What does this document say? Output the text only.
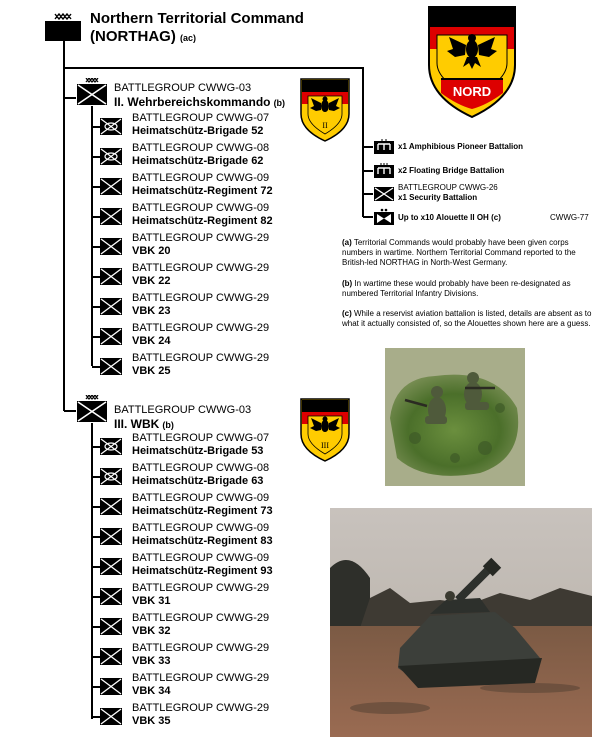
Northern Territorial Command
(NORTHAG) (ac)
NORD
BATTLEGROUP CWWG-03
II. Wehrbereichskommando (b)
II
BATTLEGROUP CWWG-07
Heimatschütz-Brigade 52
BATTLEGROUP CWWG-08
Heimatschütz-Brigade 62
BATTLEGROUP CWWG-09
Heimatschütz-Regiment 72
BATTLEGROUP CWWG-09
Heimatschütz-Regiment 82
BATTLEGROUP CWWG-29
VBK 20
BATTLEGROUP CWWG-29
VBK 22
BATTLEGROUP CWWG-29
VBK 23
BATTLEGROUP CWWG-29
VBK 24
BATTLEGROUP CWWG-29
VBK 25
BATTLEGROUP CWWG-03
III. WBK (b)
III
BATTLEGROUP CWWG-07
Heimatschütz-Brigade 53
BATTLEGROUP CWWG-08
Heimatschütz-Brigade 63
BATTLEGROUP CWWG-09
Heimatschütz-Regiment 73
BATTLEGROUP CWWG-09
Heimatschütz-Regiment 83
BATTLEGROUP CWWG-09
Heimatschütz-Regiment 93
BATTLEGROUP CWWG-29
VBK 31
BATTLEGROUP CWWG-29
VBK 32
BATTLEGROUP CWWG-29
VBK 33
BATTLEGROUP CWWG-29
VBK 34
BATTLEGROUP CWWG-29
VBK 35
x1 Amphibious Pioneer Battalion
x2 Floating Bridge Battalion
BATTLEGROUP CWWG-26
x1 Security Battalion
Up to x10 Alouette II OH (c)	CWWG-77
(a) Territorial Commands would probably have been given corps numbers in wartime. Northern Territorial Command reported to the British-led NORTHAG in North-West Germany.
(b) In wartime these would probably have been re-designated as numbered Territorial Infantry Divisions.
(c) While a reservist aviation battalion is listed, details are absent as to what it actually consisted of, so the Alouettes shown here are a guess.
